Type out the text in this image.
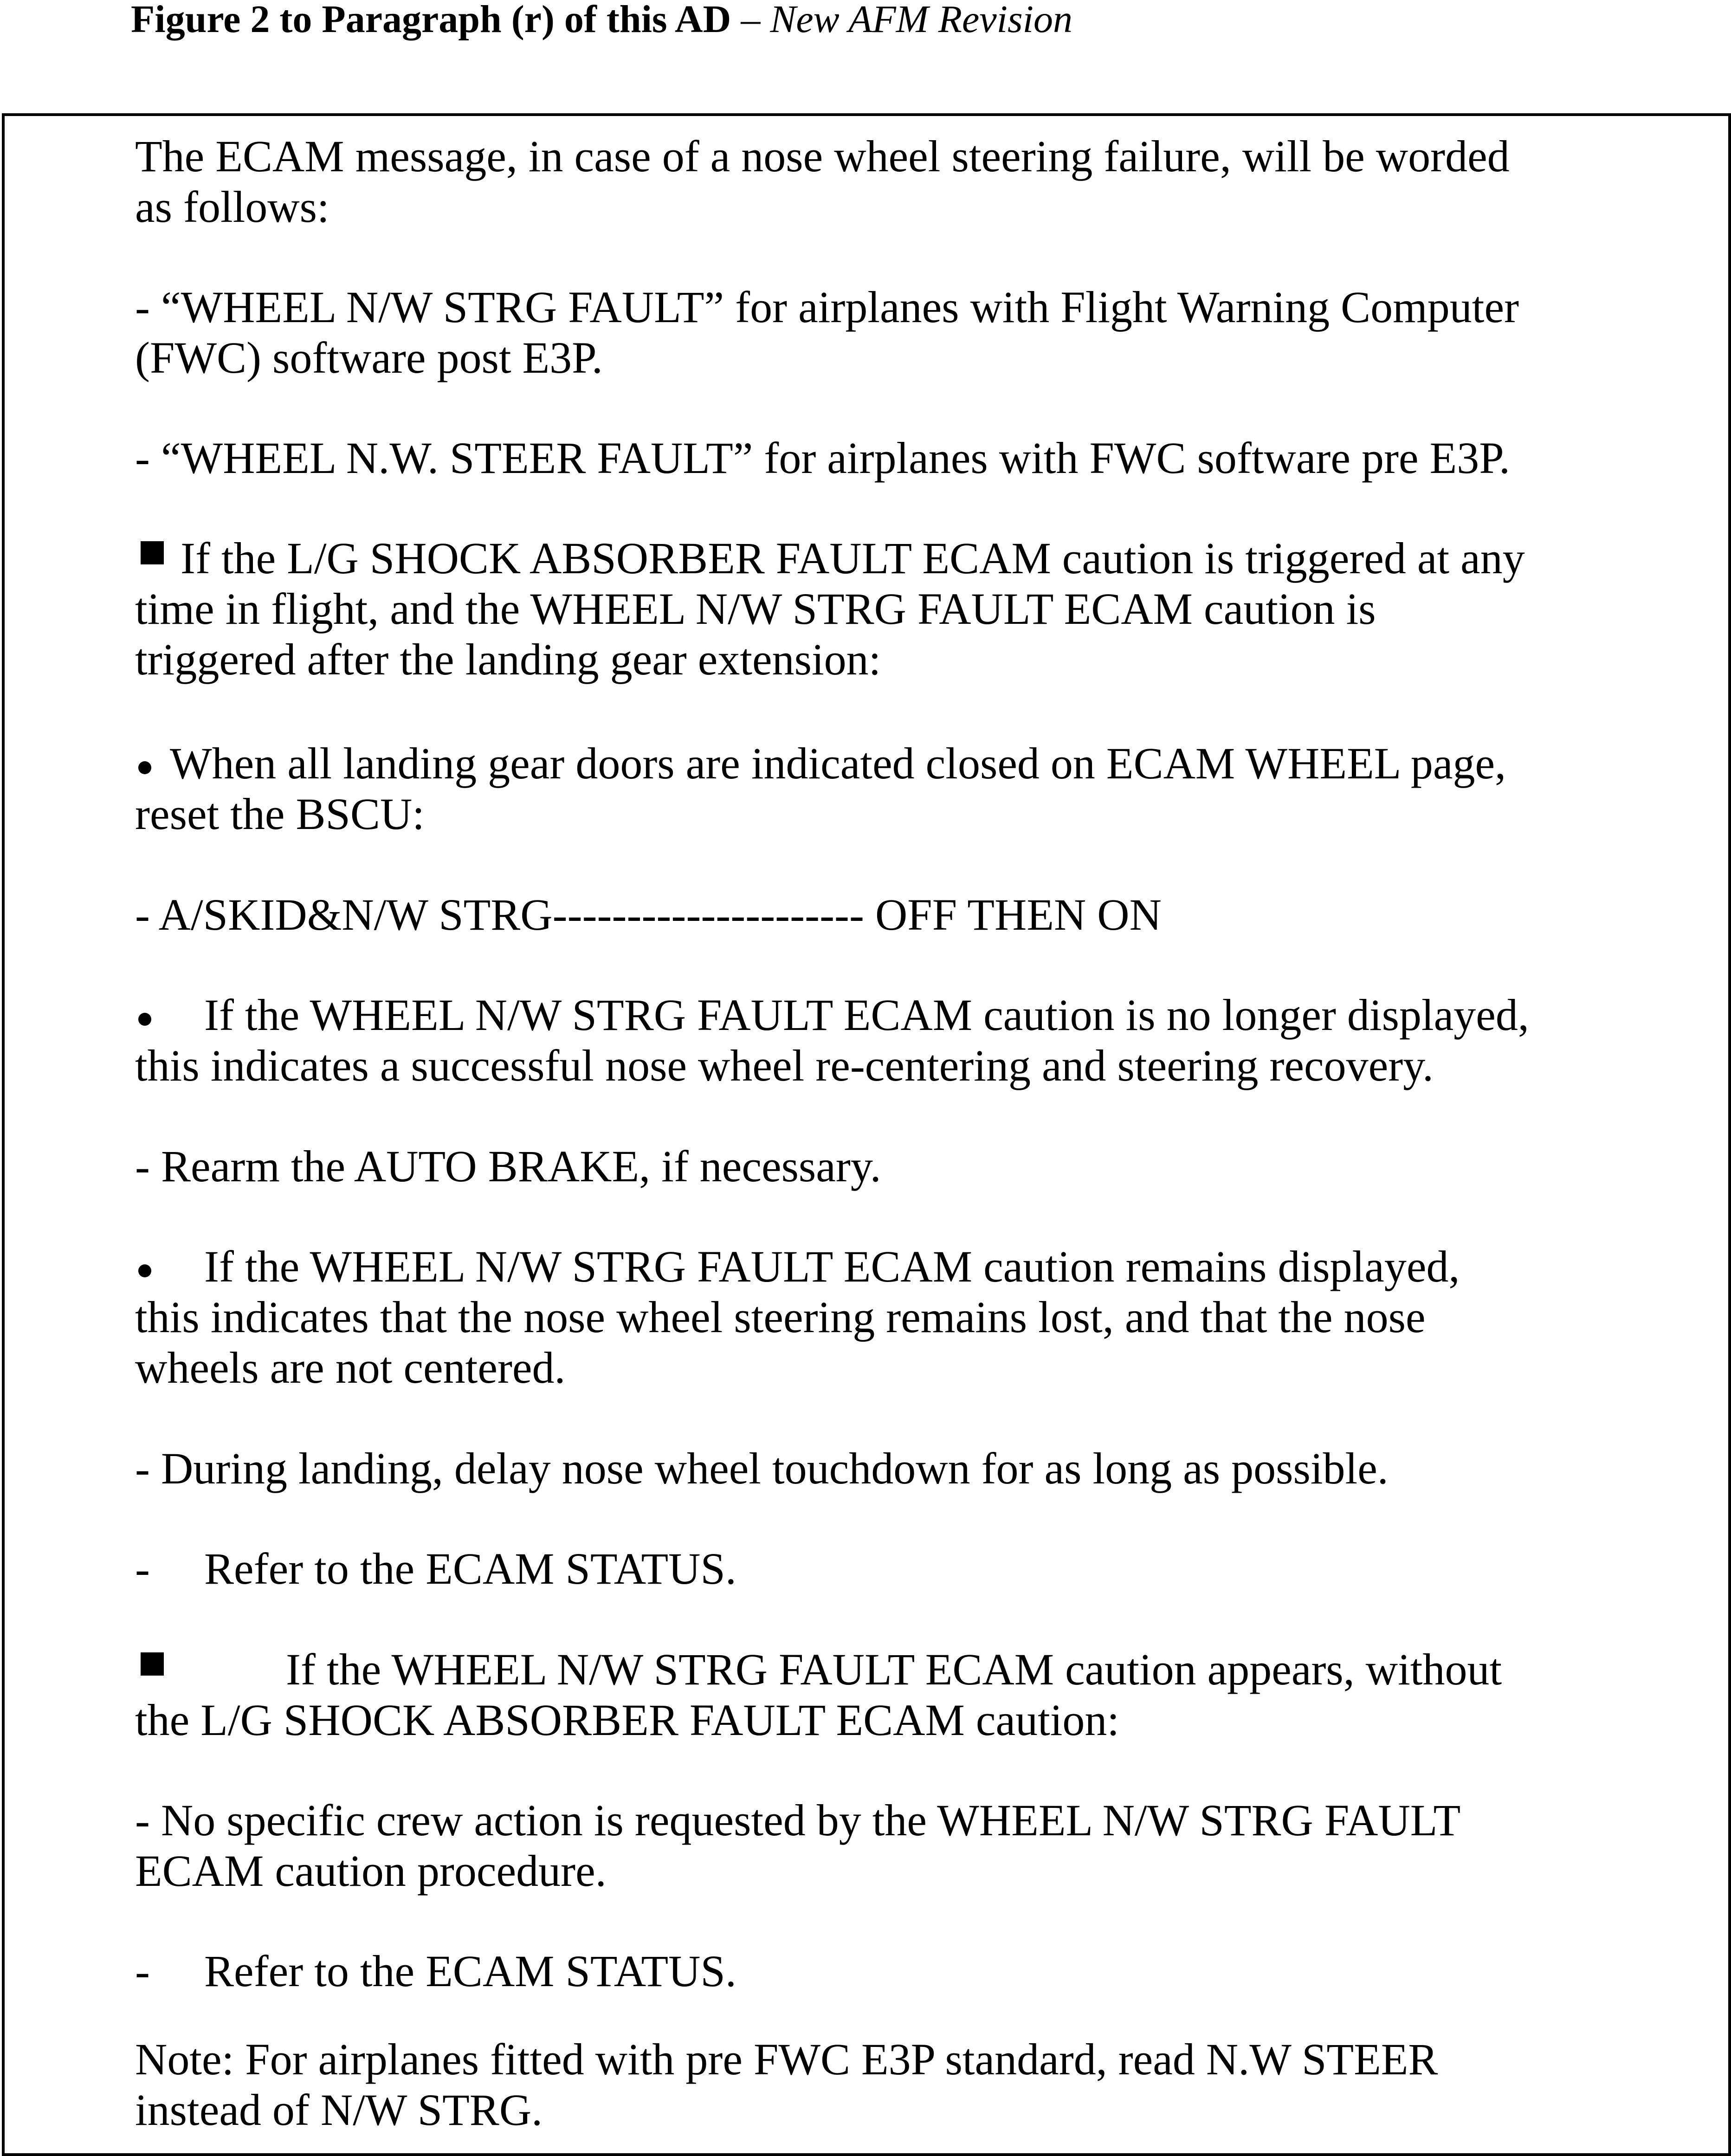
Figure 2 to Paragraph (r) of this AD – New AFM Revision
The ECAM message, in case of a nose wheel steering failure, will be worded
as follows:
- “WHEEL N/W STRG FAULT” for airplanes with Flight Warning Computer
(FWC) software post E3P.
- “WHEEL N.W. STEER FAULT” for airplanes with FWC software pre E3P.
If the L/G SHOCK ABSORBER FAULT ECAM caution is triggered at any
time in flight, and the WHEEL N/W STRG FAULT ECAM caution is
triggered after the landing gear extension:
When all landing gear doors are indicated closed on ECAM WHEEL page,
reset the BSCU:
- A/SKID&N/W STRG--------------------- OFF THEN ON
If the WHEEL N/W STRG FAULT ECAM caution is no longer displayed,
this indicates a successful nose wheel re-centering and steering recovery.
- Rearm the AUTO BRAKE, if necessary.
If the WHEEL N/W STRG FAULT ECAM caution remains displayed,
this indicates that the nose wheel steering remains lost, and that the nose
wheels are not centered.
- During landing, delay nose wheel touchdown for as long as possible.
- Refer to the ECAM STATUS.
If the WHEEL N/W STRG FAULT ECAM caution appears, without
the L/G SHOCK ABSORBER FAULT ECAM caution:
- No specific crew action is requested by the WHEEL N/W STRG FAULT
ECAM caution procedure.
- Refer to the ECAM STATUS.
Note: For airplanes fitted with pre FWC E3P standard, read N.W STEER
instead of N/W STRG.
